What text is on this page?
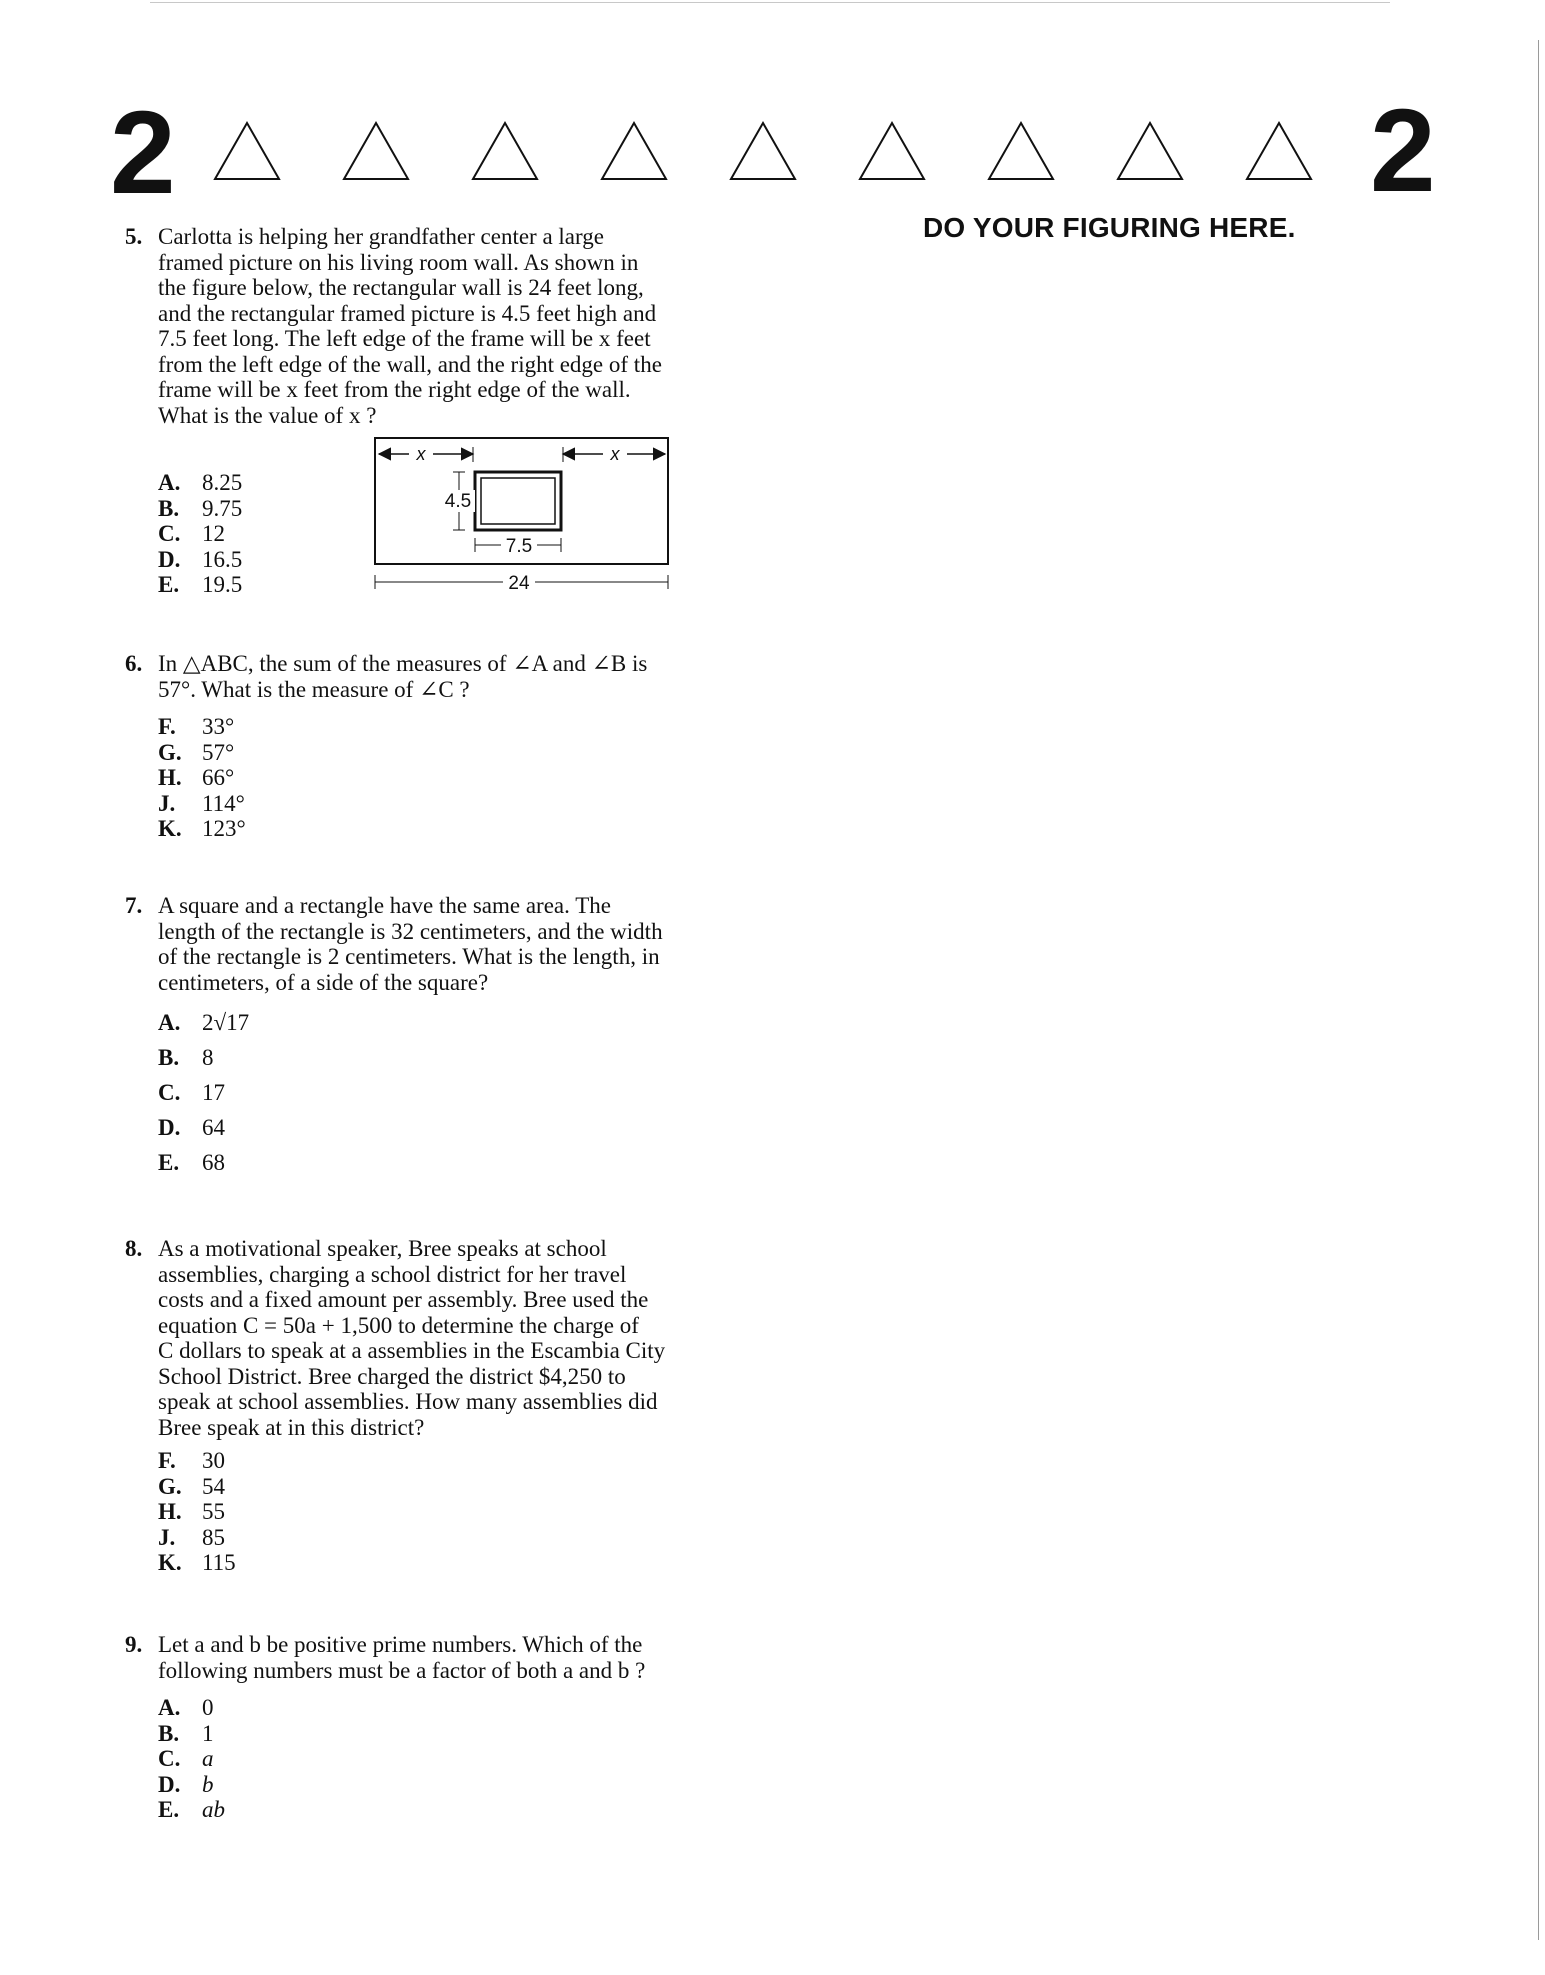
2	2
DO YOUR FIGURING HERE.
5. Carlotta is helping her grandfather center a large
framed picture on his living room wall. As shown in
the figure below, the rectangular wall is 24 feet long,
and the rectangular framed picture is 4.5 feet high and
7.5 feet long. The left edge of the frame will be x feet
from the left edge of the wall, and the right edge of the
frame will be x feet from the right edge of the wall.
What is the value of x ?

A. 8.25
B. 9.75
C. 12
D. 16.5
E. 19.5
x	x
4.5
7.5
24
6. In △ABC, the sum of the measures of ∠A and ∠B is
57°. What is the measure of ∠C ?

F. 33°
G. 57°
H. 66°
J. 114°
K. 123°
7. A square and a rectangle have the same area. The
length of the rectangle is 32 centimeters, and the width
of the rectangle is 2 centimeters. What is the length, in
centimeters, of a side of the square?

A. 2√17
B. 8
C. 17
D. 64
E. 68
8. As a motivational speaker, Bree speaks at school
assemblies, charging a school district for her travel
costs and a fixed amount per assembly. Bree used the
equation C = 50a + 1,500 to determine the charge of
C dollars to speak at a assemblies in the Escambia City
School District. Bree charged the district $4,250 to
speak at school assemblies. How many assemblies did
Bree speak at in this district?

F. 30
G. 54
H. 55
J. 85
K. 115
9. Let a and b be positive prime numbers. Which of the
following numbers must be a factor of both a and b ?

A. 0
B. 1
C. a
D. b
E. ab
